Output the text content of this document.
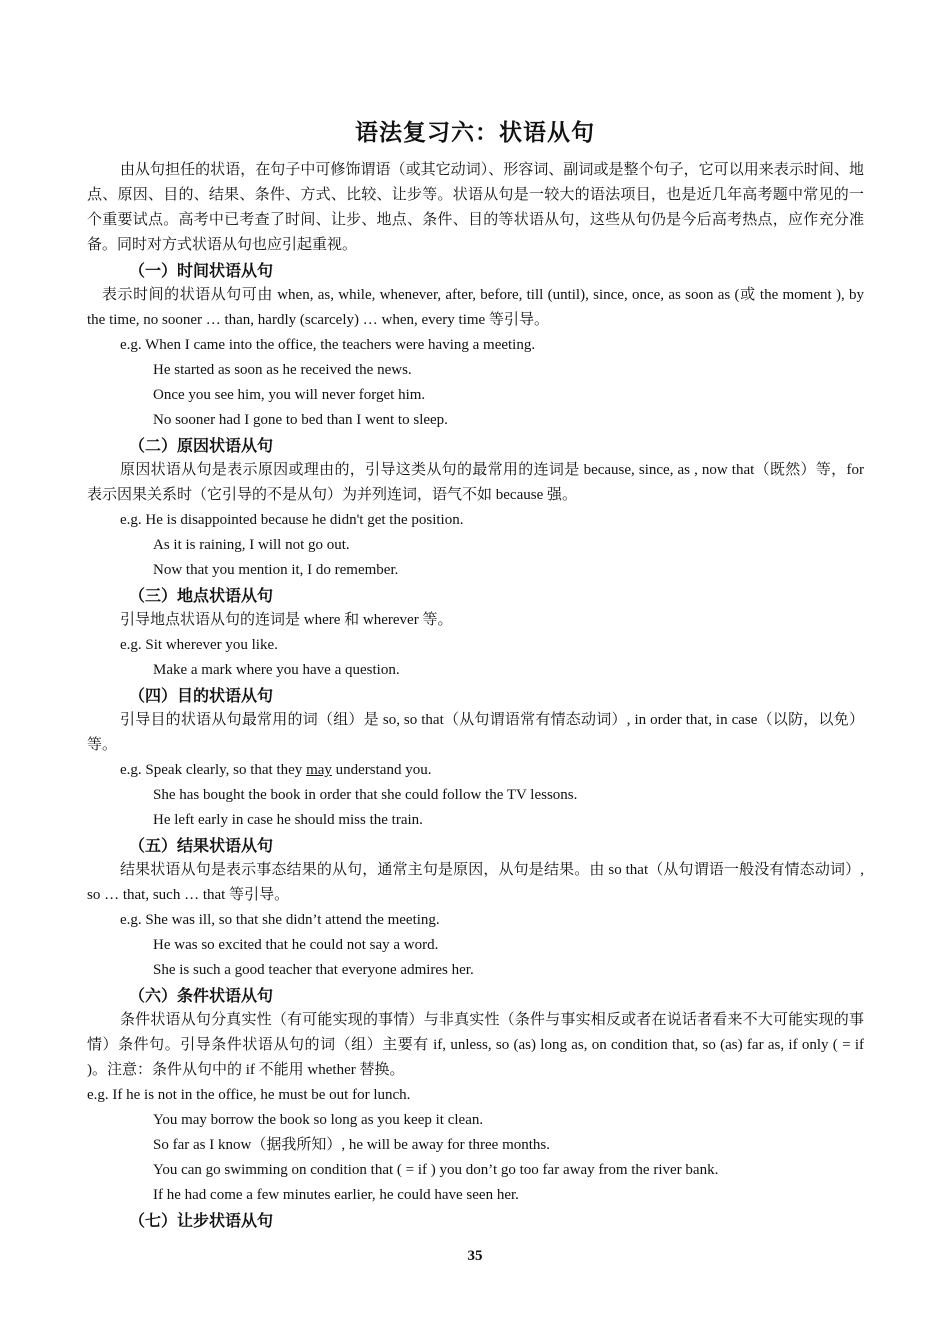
语法复习六：状语从句
由从句担任的状语，在句子中可修饰谓语（或其它动词）、形容词、副词或是整个句子，它可以用来表示时间、地点、原因、目的、结果、条件、方式、比较、让步等。状语从句是一较大的语法项目，也是近几年高考题中常见的一个重要试点。高考中已考查了时间、让步、地点、条件、目的等状语从句，这些从句仍是今后高考热点，应作充分准备。同时对方式状语从句也应引起重视。
（一）时间状语从句
表示时间的状语从句可由 when, as, while, whenever, after, before, till (until), since, once, as soon as (或 the moment ), by the time, no sooner … than, hardly (scarcely) … when, every time 等引导。
e.g. When I came into the office, the teachers were having a meeting.
He started as soon as he received the news.
Once you see him, you will never forget him.
No sooner had I gone to bed than I went to sleep.
（二）原因状语从句
原因状语从句是表示原因或理由的，引导这类从句的最常用的连词是 because, since, as , now that（既然）等，for 表示因果关系时（它引导的不是从句）为并列连词，语气不如 because 强。
e.g. He is disappointed because he didn't get the position.
As it is raining, I will not go out.
Now that you mention it, I do remember.
（三）地点状语从句
引导地点状语从句的连词是 where 和 wherever 等。
e.g. Sit wherever you like.
Make a mark where you have a question.
（四）目的状语从句
引导目的状语从句最常用的词（组）是 so, so that（从句谓语常有情态动词）, in order that, in case（以防，以免）等。
e.g. Speak clearly, so that they may understand you.
She has bought the book in order that she could follow the TV lessons.
He left early in case he should miss the train.
（五）结果状语从句
结果状语从句是表示事态结果的从句，通常主句是原因，从句是结果。由 so that（从句谓语一般没有情态动词）, so … that, such … that 等引导。
e.g. She was ill, so that she didn’t attend the meeting.
He was so excited that he could not say a word.
She is such a good teacher that everyone admires her.
（六）条件状语从句
条件状语从句分真实性（有可能实现的事情）与非真实性（条件与事实相反或者在说话者看来不大可能实现的事情）条件句。引导条件状语从句的词（组）主要有 if, unless, so (as) long as, on condition that, so (as) far as, if only ( = if )。注意：条件从句中的 if 不能用 whether 替换。
e.g. If he is not in the office, he must be out for lunch.
You may borrow the book so long as you keep it clean.
So far as I know（据我所知）, he will be away for three months.
You can go swimming on condition that ( = if ) you don’t go too far away from the river bank.
If he had come a few minutes earlier, he could have seen her.
（七）让步状语从句
35
